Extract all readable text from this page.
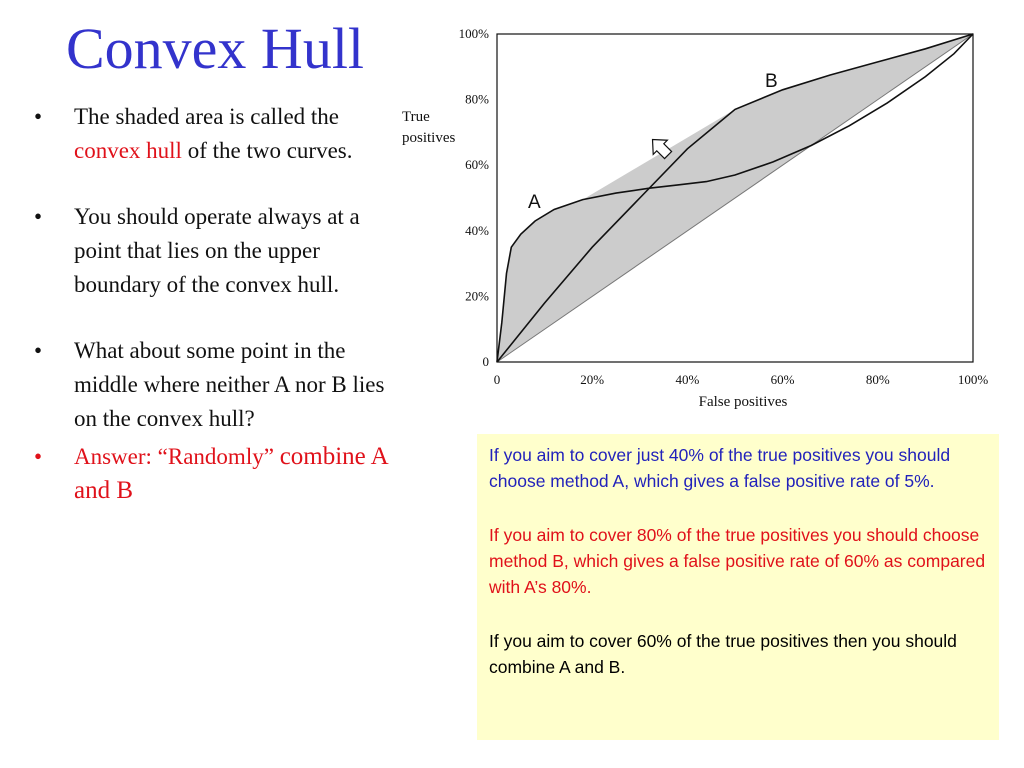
Convex Hull
• The shaded area is called the convex hull of the two curves.
• You should operate always at a point that lies on the upper boundary of the convex hull.
• What about some point in the middle where neither A nor B lies on the convex hull?
• Answer: “Randomly” combine A and B
0	20%	40%	60%	80%	100%
0
20%
40%
60%
80%
100%
False positives
True
positives
B
A

If you aim to cover just 40% of the true positives you should choose method A, which gives a false positive rate of 5%.

If you aim to cover 80% of the true positives you should choose method B, which gives a false positive rate of 60% as compared with A’s 80%.

If you aim to cover 60% of the true positives then you should combine A and B.
